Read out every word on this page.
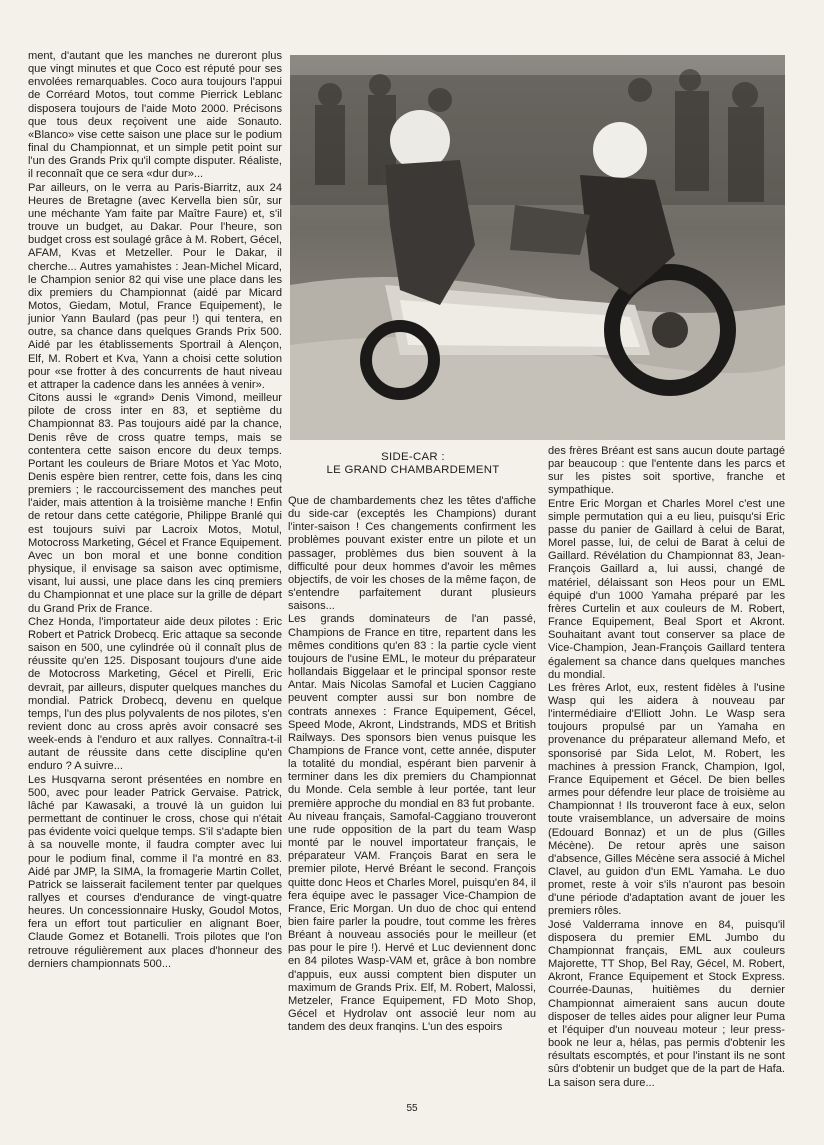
ment, d'autant que les manches ne dureront plus que vingt minutes et que Coco est réputé pour ses envolées remarquables. Coco aura toujours l'appui de Corréard Motos, tout comme Pierrick Leblanc disposera toujours de l'aide Moto 2000. Précisons que tous deux reçoivent une aide Sonauto. «Blanco» vise cette saison une place sur le podium final du Championnat, et un simple petit point sur l'un des Grands Prix qu'il compte disputer. Réaliste, il reconnaît que ce sera «dur dur»...

Par ailleurs, on le verra au Paris-Biarritz, aux 24 Heures de Bretagne (avec Kervella bien sûr, sur une méchante Yam faite par Maître Faure) et, s'il trouve un budget, au Dakar. Pour l'heure, son budget cross est soulagé grâce à M. Robert, Gécel, AFAM, Kvas et Metzeller. Pour le Dakar, il cherche... Autres yamahistes : Jean-Michel Micard, le Champion senior 82 qui vise une place dans les dix premiers du Championnat (aidé par Micard Motos, Giedam, Motul, France Equipement), le junior Yann Baulard (pas peur !) qui tentera, en outre, sa chance dans quelques Grands Prix 500. Aidé par les établissements Sportrail à Alençon, Elf, M. Robert et Kva, Yann a choisi cette solution pour «se frotter à des concurrents de haut niveau et attraper la cadence dans les années à venir».

Citons aussi le «grand» Denis Vimond, meilleur pilote de cross inter en 83, et septième du Championnat 83. Pas toujours aidé par la chance, Denis rêve de cross quatre temps, mais se contentera cette saison encore du deux temps. Portant les couleurs de Briare Motos et Yac Moto, Denis espère bien rentrer, cette fois, dans les cinq premiers ; le raccourcissement des manches peut l'aider, mais attention à la troisième manche ! Enfin de retour dans cette catégorie, Philippe Branlé qui est toujours suivi par Lacroix Motos, Motul, Motocross Marketing, Gécel et France Equipement. Avec un bon moral et une bonne condition physique, il envisage sa saison avec optimisme, visant, lui aussi, une place dans les cinq premiers du Championnat et une place sur la grille de départ du Grand Prix de France.

Chez Honda, l'importateur aide deux pilotes : Eric Robert et Patrick Drobecq. Eric attaque sa seconde saison en 500, une cylindrée où il connaît plus de réussite qu'en 125. Disposant toujours d'une aide de Motocross Marketing, Gécel et Pirelli, Eric devrait, par ailleurs, disputer quelques manches du mondial. Patrick Drobecq, devenu en quelque temps, l'un des plus polyvalents de nos pilotes, s'en revient donc au cross après avoir consacré ses week-ends à l'enduro et aux rallyes. Connaîtra-t-il autant de réussite dans cette discipline qu'en enduro ? A suivre...

Les Husqvarna seront présentées en nombre en 500, avec pour leader Patrick Gervaise. Patrick, lâché par Kawasaki, a trouvé là un guidon lui permettant de continuer le cross, chose qui n'était pas évidente voici quelque temps. S'il s'adapte bien à sa nouvelle monte, il faudra compter avec lui pour le podium final, comme il l'a montré en 83. Aidé par JMP, la SIMA, la fromagerie Martin Collet, Patrick se laisserait facilement tenter par quelques rallyes et courses d'endurance de vingt-quatre heures. Un concessionnaire Husky, Goudol Motos, fera un effort tout particulier en alignant Boer, Claude Gomez et Botanelli. Trois pilotes que l'on retrouve régulièrement aux places d'honneur des derniers championnats 500...

SIDE-CAR :
LE GRAND CHAMBARDEMENT

Que de chambardements chez les têtes d'affiche du side-car (exceptés les Champions) durant l'inter-saison ! Ces changements confirment les problèmes pouvant exister entre un pilote et un passager, problèmes dus bien souvent à la difficulté pour deux hommes d'avoir les mêmes objectifs, de voir les choses de la même façon, de s'entendre parfaitement durant plusieurs saisons...

Les grands dominateurs de l'an passé, Champions de France en titre, repartent dans les mêmes conditions qu'en 83 : la partie cycle vient toujours de l'usine EML, le moteur du préparateur hollandais Biggelaar et le principal sponsor reste Antar. Mais Nicolas Samofal et Lucien Caggiano peuvent compter aussi sur bon nombre de contrats annexes : France Equipement, Gécel, Speed Mode, Akront, Lindstrands, MDS et British Railways. Des sponsors bien venus puisque les Champions de France vont, cette année, disputer la totalité du mondial, espérant bien parvenir à terminer dans les dix premiers du Championnat du Monde. Cela semble à leur portée, tant leur première approche du mondial en 83 fut probante.

Au niveau français, Samofal-Caggiano trouveront une rude opposition de la part du team Wasp monté par le nouvel importateur français, le préparateur VAM. François Barat en sera le premier pilote, Hervé Bréant le second. François quitte donc Heos et Charles Morel, puisqu'en 84, il fera équipe avec le passager Vice-Champion de France, Eric Morgan. Un duo de choc qui entend bien faire parler la poudre, tout comme les frères Bréant à nouveau associés pour le meilleur (et pas pour le pire !). Hervé et Luc deviennent donc en 84 pilotes Wasp-VAM et, grâce à bon nombre d'appuis, eux aussi comptent bien disputer un maximum de Grands Prix. Elf, M. Robert, Malossi, Metzeler, France Equipement, FD Moto Shop, Gécel et Hydrolav ont associé leur nom au tandem des deux franqins. L'un des espoirs

des frères Bréant est sans aucun doute partagé par beaucoup : que l'entente dans les parcs et sur les pistes soit sportive, franche et sympathique.

Entre Eric Morgan et Charles Morel c'est une simple permutation qui a eu lieu, puisqu'si Eric passe du panier de Gaillard à celui de Barat, Morel passe, lui, de celui de Barat à celui de Gaillard. Révélation du Championnat 83, Jean-François Gaillard a, lui aussi, changé de matériel, délaissant son Heos pour un EML équipé d'un 1000 Yamaha préparé par les frères Curtelin et aux couleurs de M. Robert, France Equipement, Beal Sport et Akront. Souhaitant avant tout conserver sa place de Vice-Champion, Jean-François Gaillard tentera également sa chance dans quelques manches du mondial.

Les frères Arlot, eux, restent fidèles à l'usine Wasp qui les aidera à nouveau par l'intermédiaire d'Elliott John. Le Wasp sera toujours propulsé par un Yamaha en provenance du préparateur allemand Mefo, et sponsorisé par Sida Lelot, M. Robert, les machines à pression Franck, Champion, Igol, France Equipement et Gécel. De bien belles armes pour défendre leur place de troisième au Championnat ! Ils trouveront face à eux, selon toute vraisemblance, un adversaire de moins (Edouard Bonnaz) et un de plus (Gilles Mécène). De retour après une saison d'absence, Gilles Mécène sera associé à Michel Clavel, au guidon d'un EML Yamaha. Le duo promet, reste à voir s'ils n'auront pas besoin d'une période d'adaptation avant de jouer les premiers rôles.

José Valderrama innove en 84, puisqu'il disposera du premier EML Jumbo du Championnat français, EML aux couleurs Majorette, TT Shop, Bel Ray, Gécel, M. Robert, Akront, France Equipement et Stock Express. Courrée-Daunas, huitièmes du dernier Championnat aimeraient sans aucun doute disposer de telles aides pour aligner leur Puma et l'équiper d'un nouveau moteur ; leur press-book ne leur a, hélas, pas permis d'obtenir les résultats escomptés, et pour l'instant ils ne sont sûrs d'obtenir un budget que de la part de Hafa. La saison sera dure...

55
